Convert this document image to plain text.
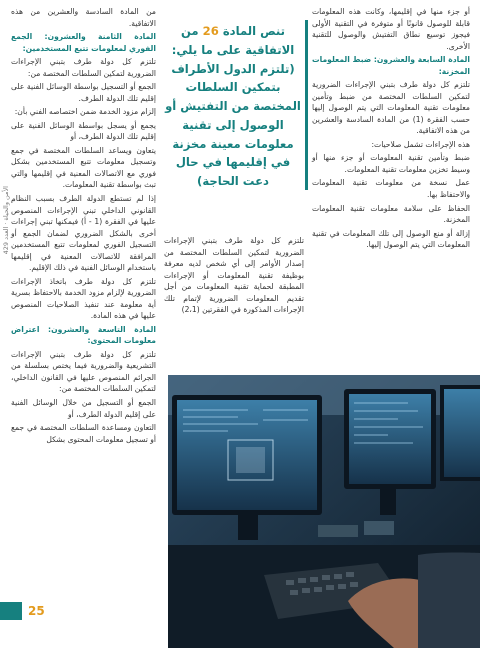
الأمن والحياة · العدد 429

أو جزء منها في إقليمها، وكانت هذه المعلومات قابلة للوصول قانونًا أو متوفرة في التقنية الأولى فيجوز توسيع نطاق التفتيش والوصول للتقنية الأخرى.

المادة السابعة والعشرون: ضبط المعلومات المخزنة:

تلتزم كل دولة طرف بتبني الإجراءات الضرورية لتمكين السلطات المختصة من ضبط وتأمين معلومات تقنية المعلومات التي يتم الوصول إليها حسب الفقرة (1) من المادة السادسة والعشرين من هذه الاتفاقية.

هذه الإجراءات تشمل صلاحيات:

ضبط وتأمين تقنية المعلومات أو جزء منها أو وسيط تخزين معلومات تقنية المعلومات.

عمل نسخة من معلومات تقنية المعلومات والاحتفاظ بها.

الحفاظ على سلامة معلومات تقنية المعلومات المخزنة.

إزالة أو منع الوصول إلى تلك المعلومات في تقنية المعلومات التي يتم الوصول إليها.

تنص المادة 26 من الاتفاقية على ما يلي: (تلتزم الدول الأطراف بتمكين السلطات المختصة من التفتيش أو الوصول إلى تقنية معلومات معينة مخزنة في إقليمها في حال دعت الحاجة)

تلتزم كل دولة طرف بتبني الإجراءات الضرورية لتمكين السلطات المختصة من إصدار الأوامر إلى أي شخص لديه معرفة بوظيفة تقنية المعلومات أو الإجراءات المطبقة لحماية تقنية المعلومات من أجل تقديم المعلومات الضرورية لإتمام تلك الإجراءات المذكورة في الفقرتين (2،1)

من المادة السادسة والعشرين من هذه الاتفاقية.

المادة الثامنة والعشرون: الجمع الفوري لمعلومات تتبع المستخدمين:

تلتزم كل دولة طرف بتبني الإجراءات الضرورية لتمكين السلطات المختصة من:

الجمع أو التسجيل بواسطة الوسائل الفنية على إقليم تلك الدولة الطرف.

إلزام مزود الخدمة ضمن اختصاصه الفني بأن:

يجمع أو يسجل بواسطة الوسائل الفنية على إقليم تلك الدولة الطرف، أو

يتعاون ويساعد السلطات المختصة في جمع وتسجيل معلومات تتبع المستخدمين بشكل فوري مع الاتصالات المعنية في إقليمها والتي تبث بواسطة تقنية المعلومات.

إذا لم تستطع الدولة الطرف بسبب النظام القانوني الداخلي تبني الإجراءات المنصوص عليها في الفقرة (1 - أ) فيمكنها تبني إجراءات أخرى بالشكل الضروري لضمان الجمع أو التسجيل الفوري لمعلومات تتبع المستخدمين المرافقة للاتصالات المعنية في إقليمها باستخدام الوسائل الفنية في ذلك الإقليم.

تلتزم كل دولة طرف باتخاذ الإجراءات الضرورية لإلزام مزود الخدمة بالاحتفاظ بسرية أية معلومة عند تنفيذ الصلاحيات المنصوص عليها في هذه المادة.

المادة التاسعة والعشرون: اعتراض معلومات المحتوى:

تلتزم كل دولة طرف بتبني الإجراءات التشريعية والضرورية فيما يختص بسلسلة من الجرائم المنصوص عليها في القانون الداخلي، لتمكين السلطات المختصة من:

الجمع أو التسجيل من خلال الوسائل الفنية على إقليم الدولة الطرف، أو

التعاون ومساعدة السلطات المختصة في جمع أو تسجيل معلومات المحتوى بشكل

25
